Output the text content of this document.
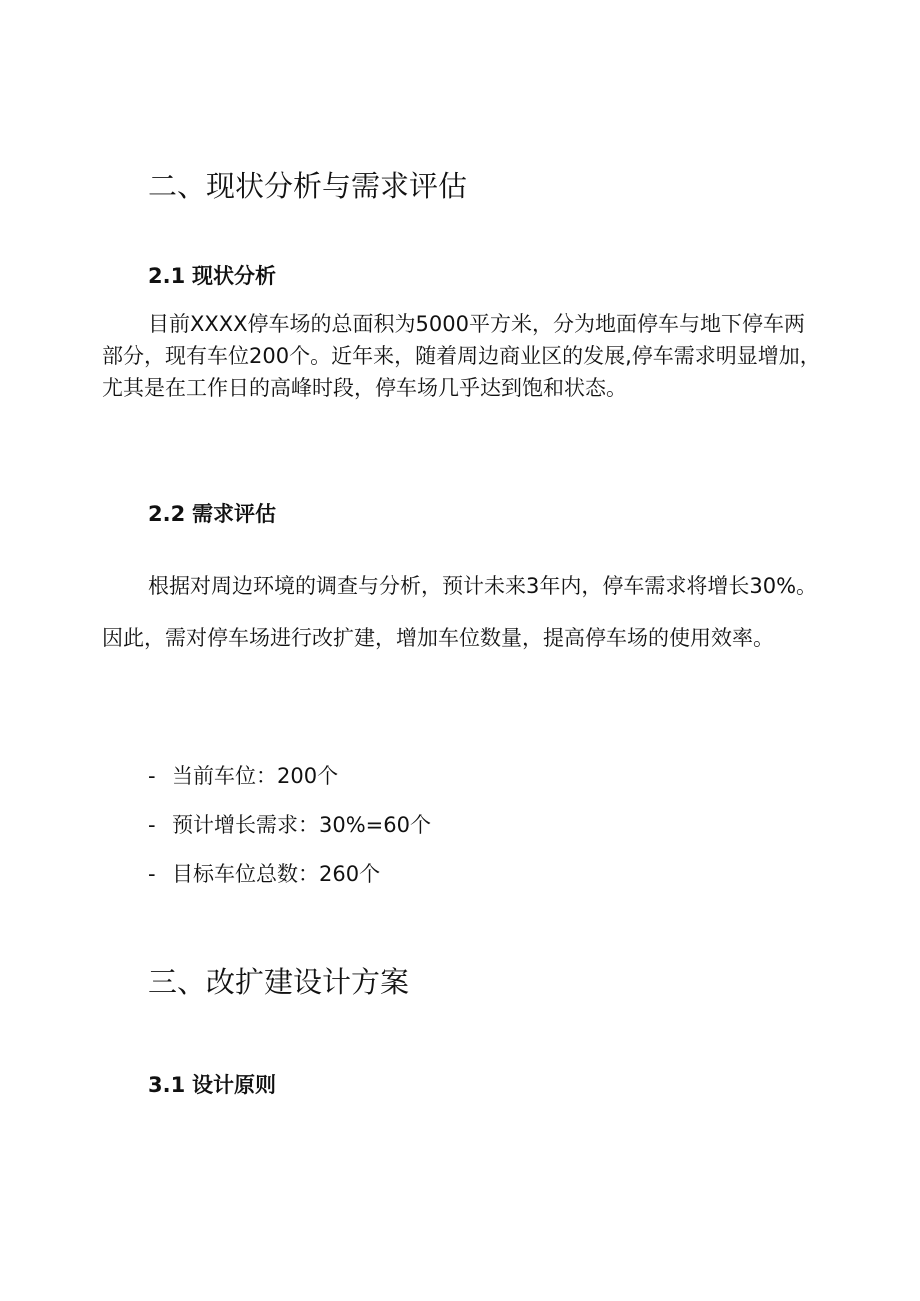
二、现状分析与需求评估
2.1 现状分析

目前XXXX停车场的总面积为5000平方米，分为地面停车与地下停车两部分，现有车位200个。近年来，随着周边商业区的发展,停车需求明显增加，尤其是在工作日的高峰时段，停车场几乎达到饱和状态。

2.2 需求评估

根据对周边环境的调查与分析，预计未来3年内，停车需求将增长30%。因此，需对停车场进行改扩建，增加车位数量，提高停车场的使用效率。

- 当前车位：200个
- 预计增长需求：30%=60个
- 目标车位总数：260个
三、改扩建设计方案
3.1 设计原则
